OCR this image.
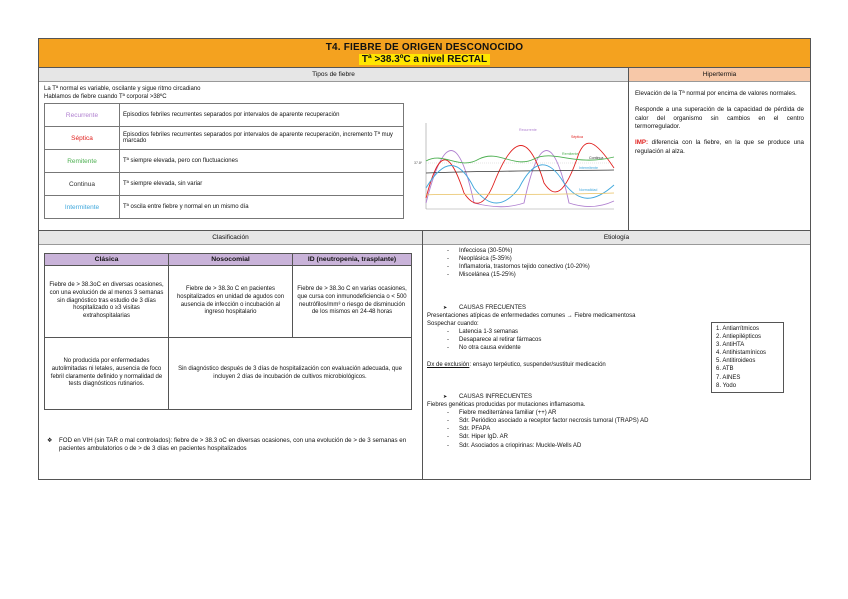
T4. FIEBRE DE ORIGEN DESCONOCIDO
Tª >38.3ºC a nivel RECTAL
Tipos de fiebre
La Tª normal es variable, oscilante y sigue ritmo circadiano
Hablamos de fiebre cuando Tª corporal >38ºC
Recurrente	Episodios febriles recurrentes separados por intervalos de aparente recuperación
Séptica	Episodios febriles recurrentes separados por intervalos de aparente recuperación, incremento Tª muy marcado
Remitente	Tª siempre elevada, pero con fluctuaciones
Continua	Tª siempre elevada, sin variar
Intermitente	Tª oscila entre fiebre y normal en un mismo día
37.8º
Recurrente
Séptica
Remitente
Continua
Intermitente
Normalidad
Hipertermia

Elevación de la Tª normal por encima de valores normales.

Responde a una superación de la capacidad de pérdida de calor del organismo sin cambios en el centro termorregulador.

IMP: diferencia con la fiebre, en la que se produce una regulación al alza.

Clasificación
Clásica	Nosocomial	ID (neutropenia, trasplante)
Fiebre de > 38.3oC en diversas ocasiones, con una evolución de al menos 3 semanas sin diagnóstico tras estudio de 3 días hospitalizado o ≥3 visitas extrahospitalarias	Fiebre de > 38.3o C en pacientes hospitalizados en unidad de agudos con ausencia de infección o incubación al ingreso hospitalario	Fiebre de > 38.3o C en varias ocasiones, que cursa con inmunodeficiencia o < 500 neutrófilos/mm³ o riesgo de disminución de los mismos en 24-48 horas
No producida por enfermedades autolimitadas ni letales, ausencia de foco febril claramente definido y normalidad de tests diagnósticos rutinarios.	Sin diagnóstico después de 3 días de hospitalización con evaluación adecuada, que incluyen 2 días de incubación de cultivos microbiológicos.	
❖ FOD en VIH (sin TAR o mal controlados): fiebre de > 38.3 oC en diversas ocasiones, con una evolución de > de 3 semanas en pacientes ambulatorios o de > de 3 días en pacientes hospitalizados
Etiología
- Infecciosa (30-50%)
- Neoplásica (5-35%)
- Inflamatoria, trastornos tejido conectivo (10-20%)
- Miscelánea (15-25%)
➤ CAUSAS FRECUENTES
Presentaciones atípicas de enfermedades comunes → Fiebre medicamentosa
Sospechar cuando:
- Latencia 1-3 semanas
- Desaparece al retirar fármacos
- No otra causa evidente
Dx de exclusión: ensayo terpéutico, suspender/sustituir medicación
1. Antiarrítmicos
2. Antiepilépticos
3. AntiHTA
4. Antihistamínicos
5. Antitiroideos
6. ATB
7. AINES
8. Yodo
➤ CAUSAS INFRECUENTES
Fiebres genéticas producidas por mutaciones inflamasoma.
- Fiebre mediterránea familiar (++) AR
- Sdr. Periódico asociado a receptor factor necrosis tumoral (TRAPS) AD
- Sdr. PFAPA
- Sdr. Hiper IgD. AR
- Sdr. Asociados a criopirinas: Muckle-Wells AD
